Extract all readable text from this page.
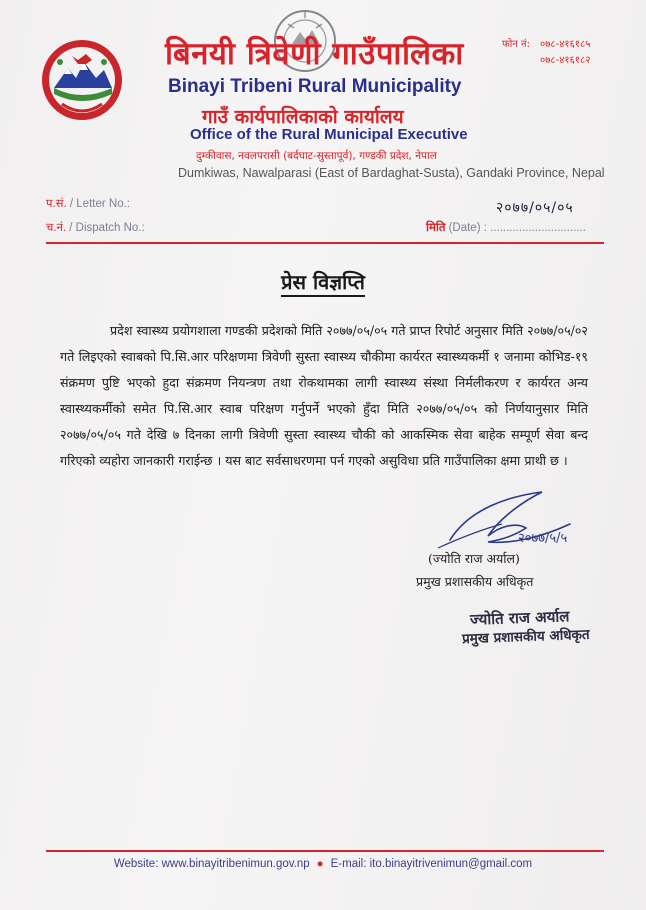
फोन नं: ०७८-४१६१८५
०७८-४१६१८२
बिनयी त्रिवेणी गाउँपालिका
Binayi Tribeni Rural Municipality
गाउँ कार्यपालिकाको कार्यालय
Office of the Rural Municipal Executive
दुम्कीवास, नवलपरासी (बर्दघाट-सुस्तापूर्व), गण्डकी प्रदेश, नेपाल
Dumkiwas, Nawalparasi (East of Bardaghat-Susta), Gandaki Province, Nepal
प.सं. / Letter No.:
च.नं. / Dispatch No.:
२०७७/०५/०५
मिति (Date) : ..............................
प्रेस विज्ञप्ति
प्रदेश स्वास्थ्य प्रयोगशाला गण्डकी प्रदेशको मिति २०७७/०५/०५ गते प्राप्त रिपोर्ट अनुसार मिति २०७७/०५/०२ गते लिइएको स्वाबको पि.सि.आर परिक्षणमा त्रिवेणी सुस्ता स्वास्थ्य चौकीमा कार्यरत स्वास्थ्यकर्मी १ जनामा कोभिड-१९ संक्रमण पुष्टि भएको हुदा संक्रमण नियन्त्रण तथा रोकथामका लागी स्वास्थ्य संस्था निर्मलीकरण र कार्यरत अन्य स्वास्थ्यकर्मीको समेत पि.सि.आर स्वाब परिक्षण गर्नुपर्ने भएको हुँदा मिति २०७७/०५/०५ को निर्णयानुसार मिति २०७७/०५/०५ गते देखि ७ दिनका लागी त्रिवेणी सुस्ता स्वास्थ्य चौकी को आकस्मिक सेवा बाहेक सम्पूर्ण सेवा बन्द गरिएको व्यहोरा जानकारी गराईन्छ । यस बाट सर्वसाधरणमा पर्न गएको असुविधा प्रति गाउँपालिका क्षमा प्राथी छ ।
२०७७/५/५
(ज्योति राज अर्याल)
प्रमुख प्रशासकीय अधिकृत
ज्योति राज अर्याल
प्रमुख प्रशासकीय अधिकृत
Website: www.binayitribenimun.gov.np ● E-mail: ito.binayitrivenimun@gmail.com
